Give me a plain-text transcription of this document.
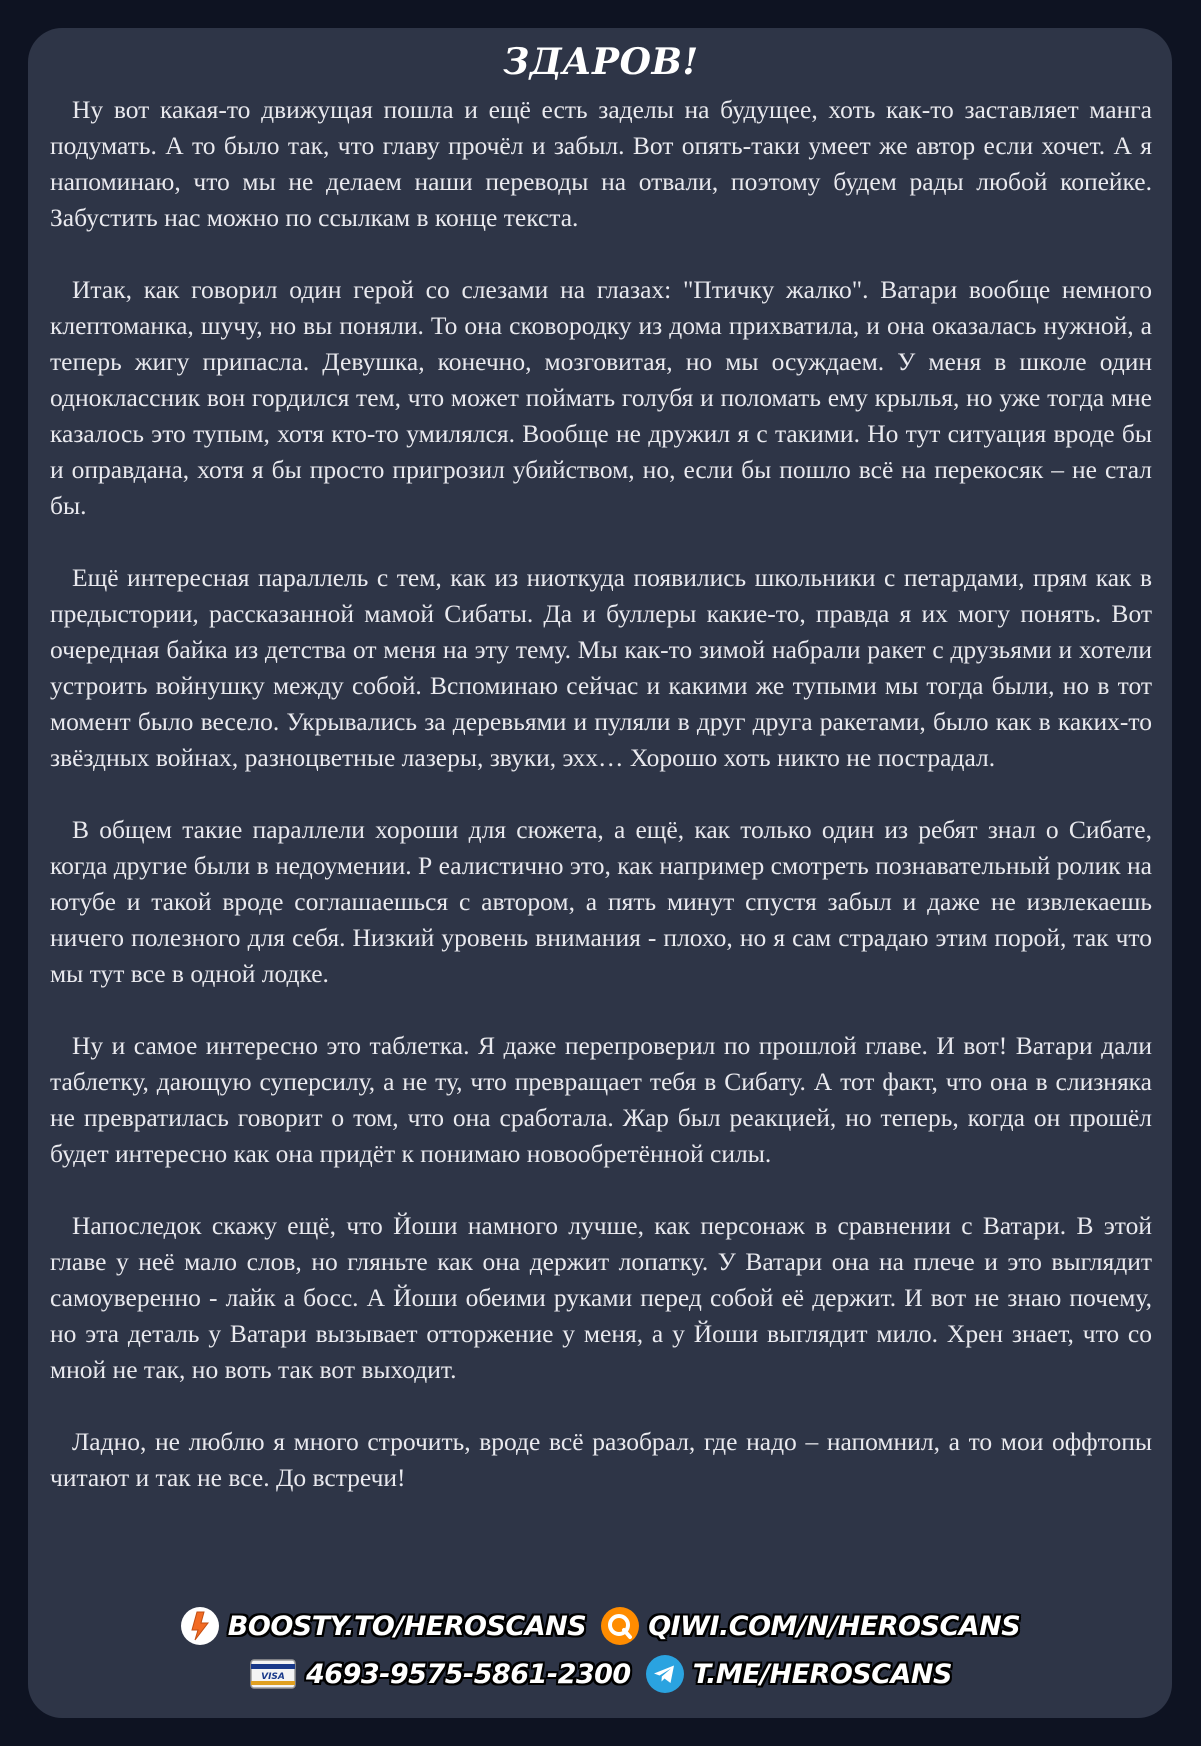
ЗДАРОВ!

Ну вот какая-то движущая пошла и ещё есть заделы на будущее, хоть как-то заставляет манга подумать. А то было так, что главу прочёл и забыл. Вот опять-таки умеет же автор если хочет. А я напоминаю, что мы не делаем наши переводы на отвали, поэтому будем рады любой копейке. Забустить нас можно по ссылкам в конце текста.

Итак, как говорил один герой со слезами на глазах: "Птичку жалко". Ватари вообще немного клептоманка, шучу, но вы поняли. То она сковородку из дома прихватила, и она оказалась нужной, а теперь жигу припасла. Девушка, конечно, мозговитая, но мы осуждаем. У меня в школе один одноклассник вон гордился тем, что может поймать голубя и поломать ему крылья, но уже тогда мне казалось это тупым, хотя кто-то умилялся. Вообще не дружил я с такими. Но тут ситуация вроде бы и оправдана, хотя я бы просто пригрозил убийством, но, если бы пошло всё на перекосяк – не стал бы.

Ещё интересная параллель с тем, как из ниоткуда появились школьники с петардами, прям как в предыстории, рассказанной мамой Сибаты. Да и буллеры какие-то, правда я их могу понять. Вот очередная байка из детства от меня на эту тему. Мы как-то зимой набрали ракет с друзьями и хотели устроить войнушку между собой. Вспоминаю сейчас и какими же тупыми мы тогда были, но в тот момент было весело. Укрывались за деревьями и пуляли в друг друга ракетами, было как в каких-то звёздных войнах, разноцветные лазеры, звуки, эхх… Хорошо хоть никто не пострадал.

В общем такие параллели хороши для сюжета, а ещё, как только один из ребят знал о Сибате, когда другие были в недоумении. Р еалистично это, как например смотреть познавательный ролик на ютубе и такой вроде соглашаешься с автором, а пять минут спустя забыл и даже не извлекаешь ничего полезного для себя. Низкий уровень внимания - плохо, но я сам страдаю этим порой, так что мы тут все в одной лодке.

Ну и самое интересно это таблетка. Я даже перепроверил по прошлой главе. И вот! Ватари дали таблетку, дающую суперсилу, а не ту, что превращает тебя в Сибату. А тот факт, что она в слизняка не превратилась говорит о том, что она сработала. Жар был реакцией, но теперь, когда он прошёл будет интересно как она придёт к понимаю новообретённой силы.

Напоследок скажу ещё, что Йоши намного лучше, как персонаж в сравнении с Ватари. В этой главе у неё мало слов, но гляньте как она держит лопатку. У Ватари она на плече и это выглядит самоуверенно - лайк а босс. А Йоши обеими руками перед собой её держит. И вот не знаю почему, но эта деталь у Ватари вызывает отторжение у меня, а у Йоши выглядит мило. Хрен знает, что со мной не так, но воть так вот выходит.

Ладно, не люблю я много строчить, вроде всё разобрал, где надо – напомнил, а то мои оффтопы читают и так не все. До встречи!

BOOSTY.TO/HEROSCANS QIWI.COM/N/HEROSCANS
VISA 4693-9575-5861-2300 T.ME/HEROSCANS
